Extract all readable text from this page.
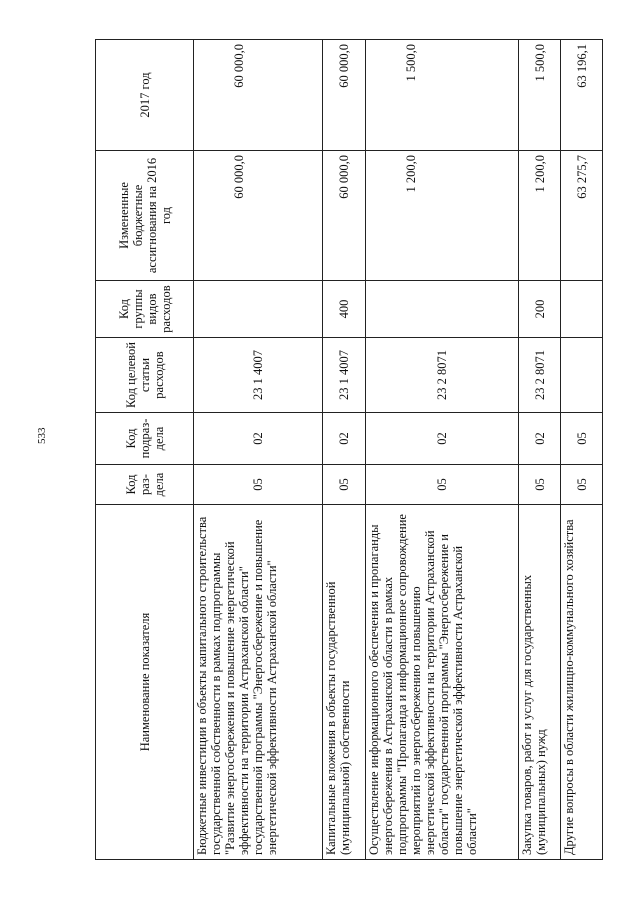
533
Наименование показателя	Код раз-дела	Код подраз-дела	Код целевой статьи расходов	Код группы видов расходов	Измененные бюджетные ассигнования на 2016 год	2017 год
Бюджетные инвестиции в объекты капитального строительства государственной собственности в рамках подпрограммы "Развитие энергосбережения и повышение энергетической эффективности на территории Астраханской области" государственной программы "Энергосбережение и повышение энергетической эффективности Астраханской области"	05	02	23 1 4007		60 000,0	60 000,0
Капитальные вложения в объекты государственной (муниципальной) собственности	05	02	23 1 4007	400	60 000,0	60 000,0
Осуществление информационного обеспечения и пропаганды энергосбережения в Астраханской области в рамках подпрограммы "Пропаганда и информационное сопровождение мероприятий по энергосбережению и повышению энергетической эффективности на территории Астраханской области" государственной программы "Энергосбережение и повышение энергетической эффективности Астраханской области"	05	02	23 2 8071		1 200,0	1 500,0
Закупка товаров, работ и услуг для государственных (муниципальных) нужд	05	02	23 2 8071	200	1 200,0	1 500,0
Другие вопросы в области жилищно-коммунального хозяйства	05	05			63 275,7	63 196,1
